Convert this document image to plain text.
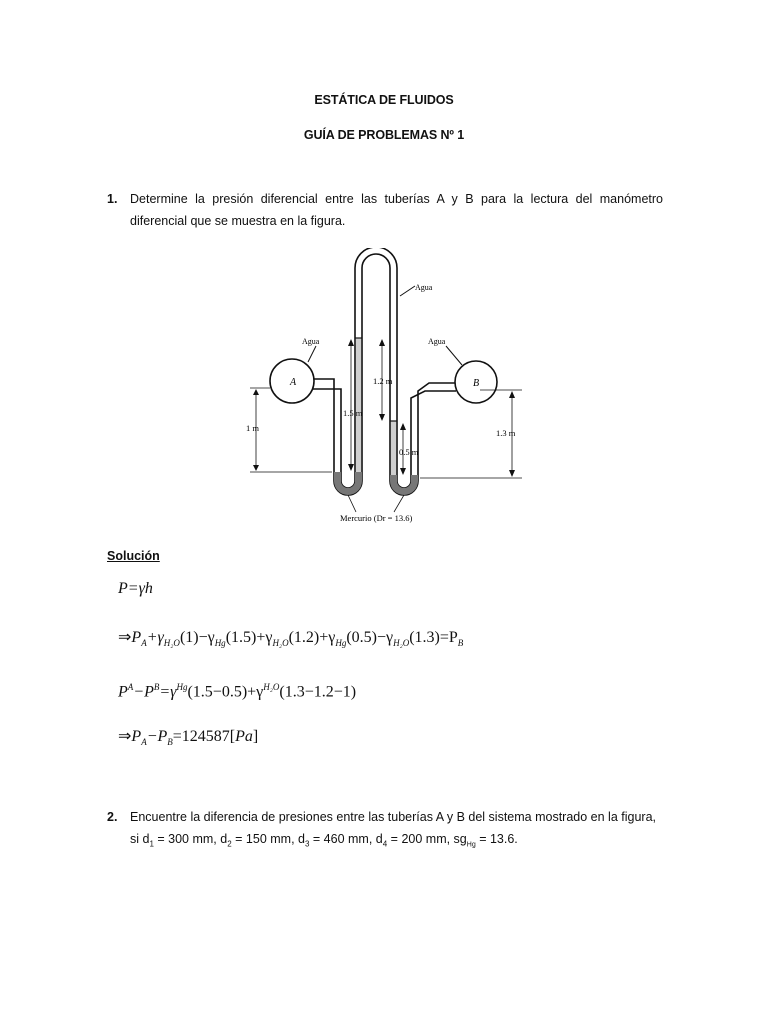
ESTÁTICA DE FLUIDOS
GUÍA DE PROBLEMAS Nº 1
1. Determine la presión diferencial entre las tuberías A y B para la lectura del manómetro
diferencial que se muestra en la figura.
A	B
Agua
Agua	Agua
1 m	1.3 m
1.5 m
1.2 m
0.5 m
Mercurio (Dr = 13.6)
Solución
P=γh
$\Rightarrow P_A+\gamma_{H_2O}(1)-\gamma_{Hg}(1.5)+\gamma_{H_2O}(1.2)+\gamma_{Hg}(0.5)-\gamma_{H_2O}(1.3)=P_B$
$P^A-P^B=\gamma^{Hg}(1.5-0.5)+\gamma^{H_2O}(1.3-1.2-1)$
$\Rightarrow P_A-P_B=124587[Pa]$
2. Encuentre la diferencia de presiones entre las tuberías A y B del sistema mostrado en la figura,
si $d_1 = 300$ mm, $d_2 = 150$ mm, $d_3 = 460$ mm, $d_4 = 200$ mm, $sg_{Hg} = 13.6$.
